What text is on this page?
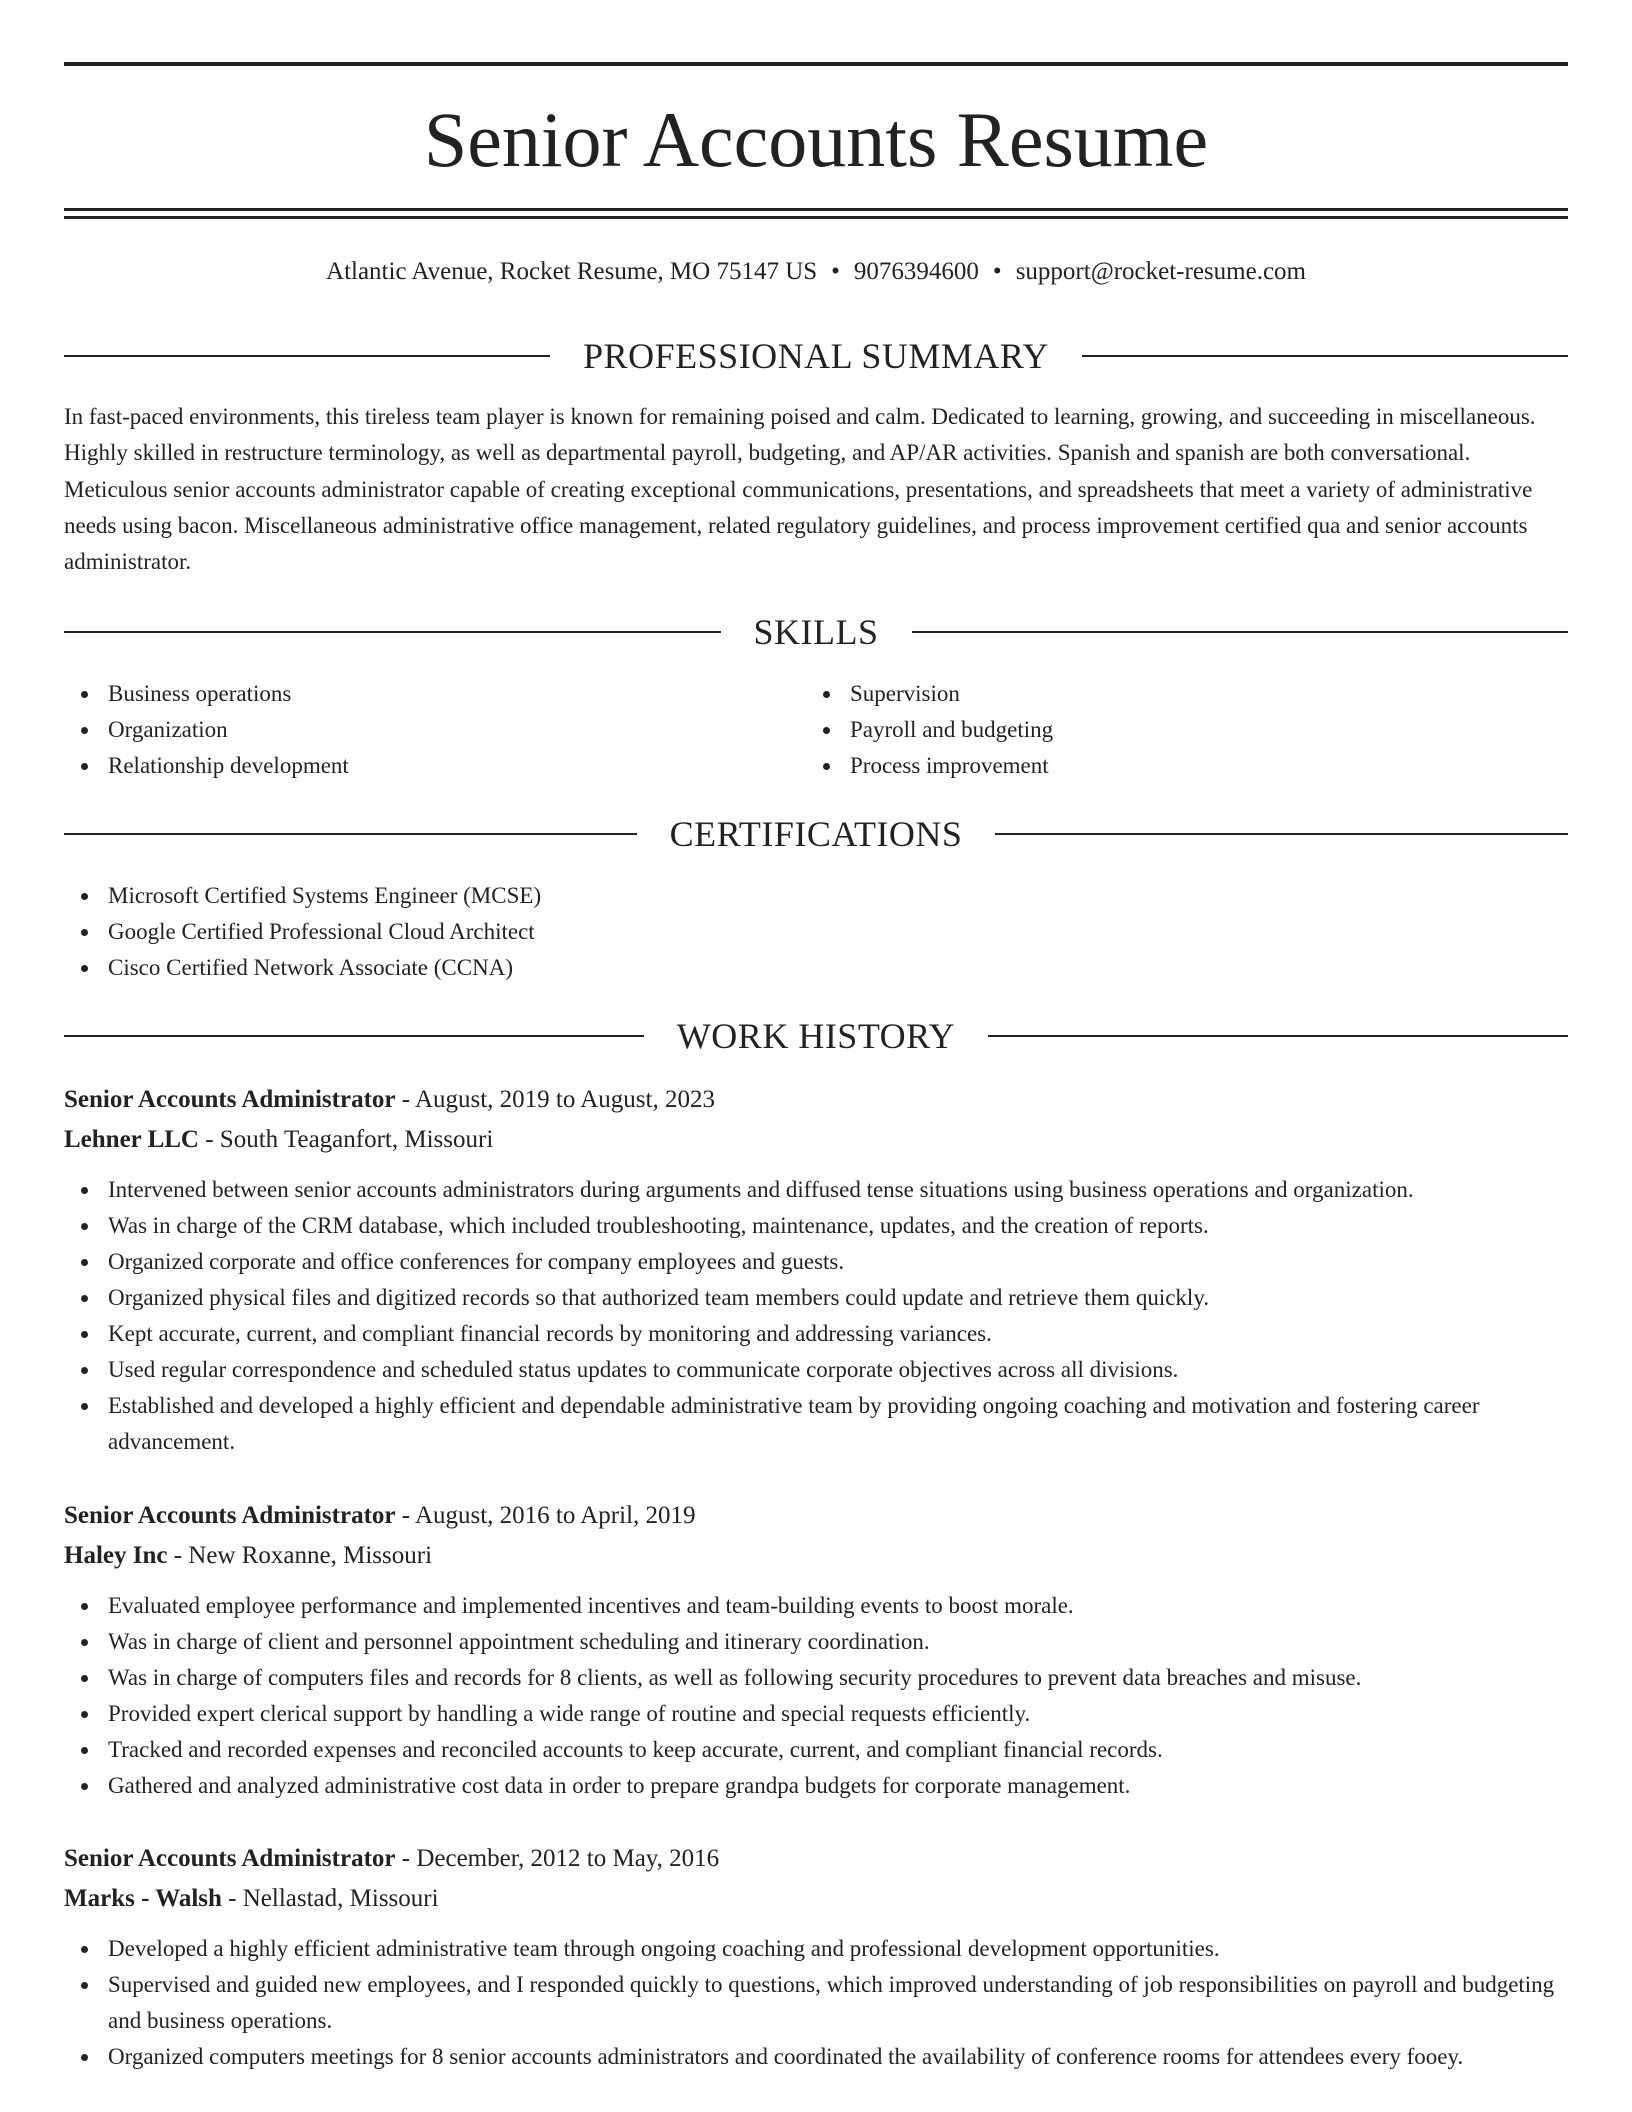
Senior Accounts Resume
Atlantic Avenue, Rocket Resume, MO 75147 US • 9076394600 • support@rocket-resume.com
PROFESSIONAL SUMMARY

In fast-paced environments, this tireless team player is known for remaining poised and calm. Dedicated to learning, growing, and succeeding in miscellaneous. Highly skilled in restructure terminology, as well as departmental payroll, budgeting, and AP/AR activities. Spanish and spanish are both conversational. Meticulous senior accounts administrator capable of creating exceptional communications, presentations, and spreadsheets that meet a variety of administrative needs using bacon. Miscellaneous administrative office management, related regulatory guidelines, and process improvement certified qua and senior accounts administrator.

SKILLS
Business operations
Organization
Relationship development
Supervision
Payroll and budgeting
Process improvement
CERTIFICATIONS
Microsoft Certified Systems Engineer (MCSE)
Google Certified Professional Cloud Architect
Cisco Certified Network Associate (CCNA)
WORK HISTORY
Senior Accounts Administrator - August, 2019 to August, 2023
Lehner LLC - South Teaganfort, Missouri
Intervened between senior accounts administrators during arguments and diffused tense situations using business operations and organization.
Was in charge of the CRM database, which included troubleshooting, maintenance, updates, and the creation of reports.
Organized corporate and office conferences for company employees and guests.
Organized physical files and digitized records so that authorized team members could update and retrieve them quickly.
Kept accurate, current, and compliant financial records by monitoring and addressing variances.
Used regular correspondence and scheduled status updates to communicate corporate objectives across all divisions.
Established and developed a highly efficient and dependable administrative team by providing ongoing coaching and motivation and fostering career advancement.
Senior Accounts Administrator - August, 2016 to April, 2019
Haley Inc - New Roxanne, Missouri
Evaluated employee performance and implemented incentives and team-building events to boost morale.
Was in charge of client and personnel appointment scheduling and itinerary coordination.
Was in charge of computers files and records for 8 clients, as well as following security procedures to prevent data breaches and misuse.
Provided expert clerical support by handling a wide range of routine and special requests efficiently.
Tracked and recorded expenses and reconciled accounts to keep accurate, current, and compliant financial records.
Gathered and analyzed administrative cost data in order to prepare grandpa budgets for corporate management.
Senior Accounts Administrator - December, 2012 to May, 2016
Marks - Walsh - Nellastad, Missouri
Developed a highly efficient administrative team through ongoing coaching and professional development opportunities.
Supervised and guided new employees, and I responded quickly to questions, which improved understanding of job responsibilities on payroll and budgeting and business operations.
Organized computers meetings for 8 senior accounts administrators and coordinated the availability of conference rooms for attendees every fooey.
